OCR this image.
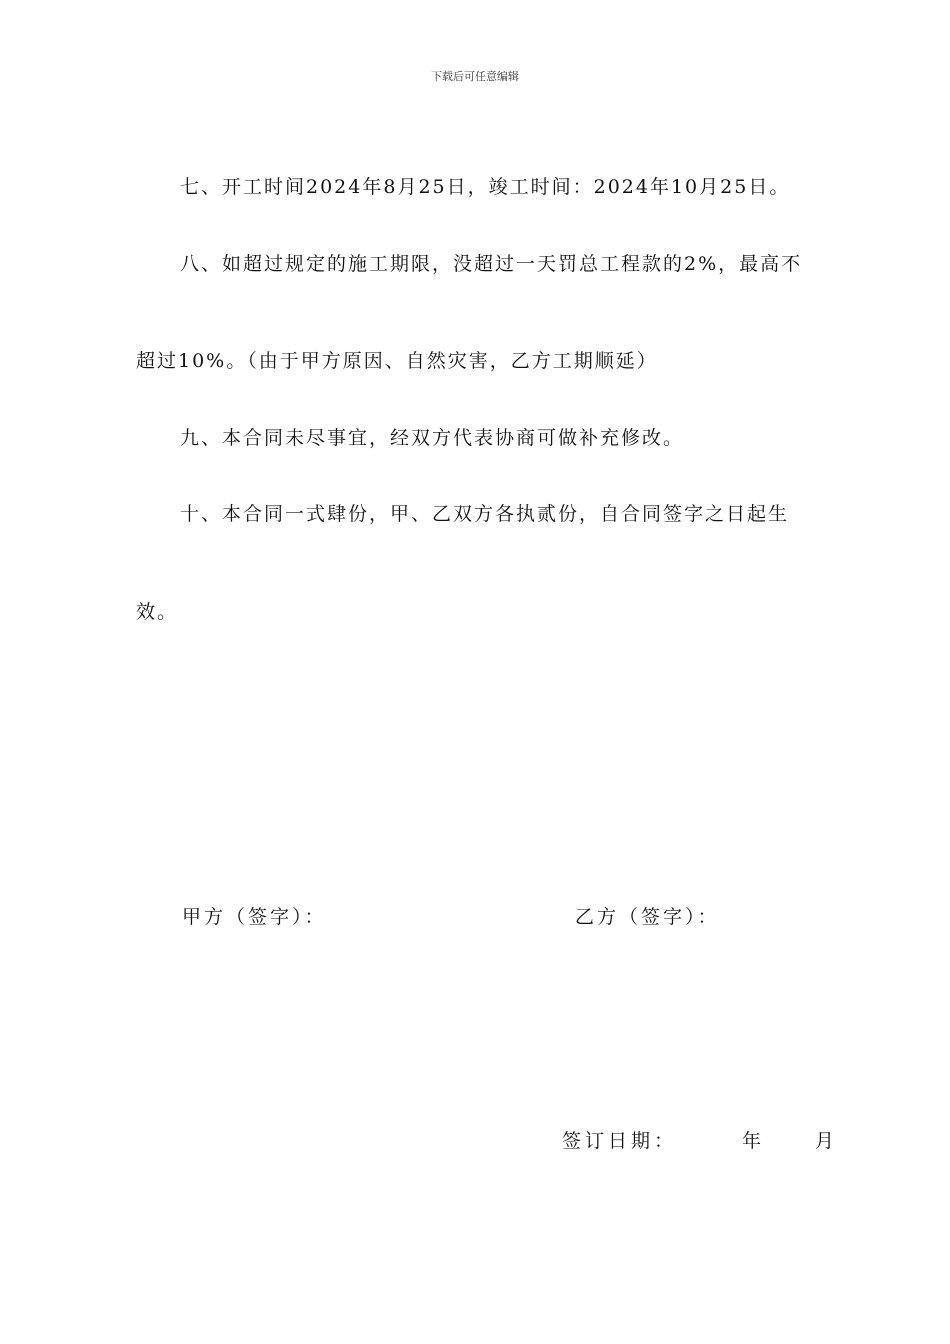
下载后可任意编辑
七、开工时间2024年8月25日，竣工时间：2024年10月25日。
八、如超过规定的施工期限，没超过一天罚总工程款的2%，最高不
超过10%。（由于甲方原因、自然灾害，乙方工期顺延）
九、本合同未尽事宜，经双方代表协商可做补充修改。
十、本合同一式肆份，甲、乙双方各执贰份，自合同签字之日起生
效。
甲方（签字）：	乙方（签字）：
签订日期：	年	月
